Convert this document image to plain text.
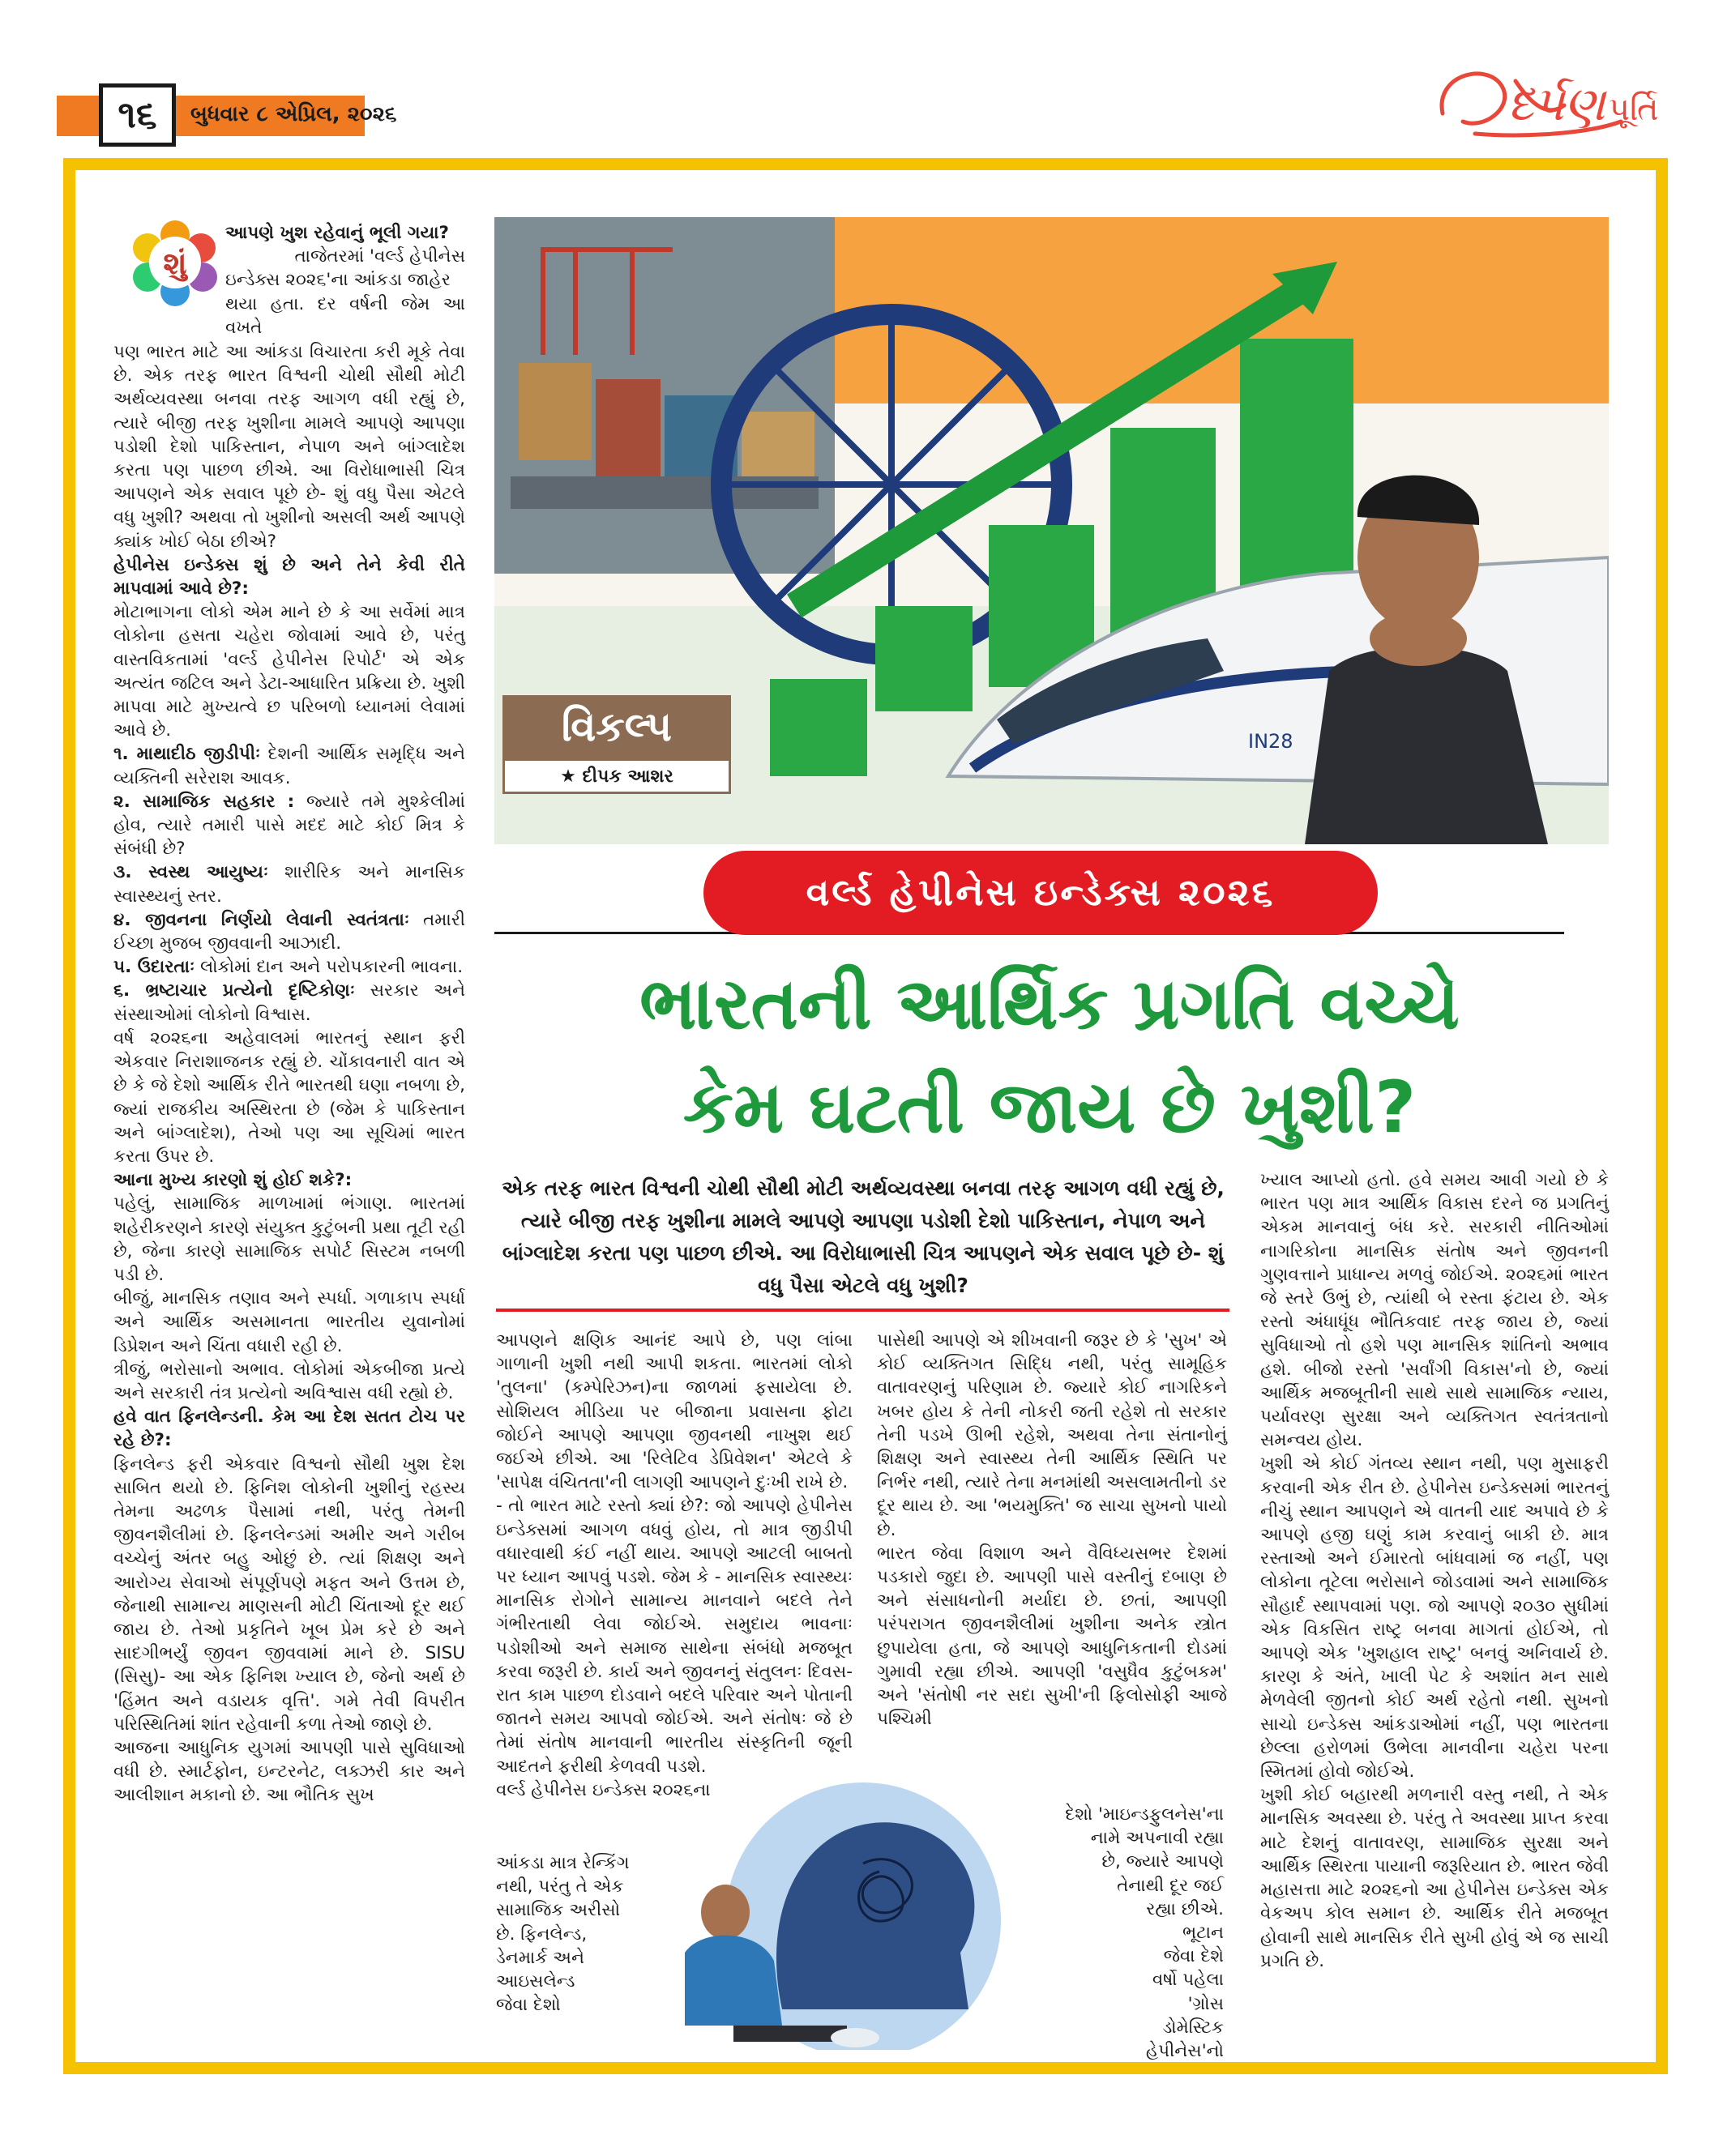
૧૬	બુધવાર ૮ એપ્રિલ, ૨૦૨૬	દર્પણ પૂર્તિ
શું
આપણે ખુશ રહેવાનું ભૂલી ગયા?

તાજેતરમાં 'વર્લ્ડ હેપીનેસ

ઇન્ડેક્સ ૨૦૨૬'ના આંકડા જાહેર

થયા હતા. દર વર્ષની જેમ આ વખતે

પણ ભારત માટે આ આંકડા વિચારતા કરી મૂકે તેવા છે. એક તરફ ભારત વિશ્વની ચોથી સૌથી મોટી અર્થવ્યવસ્થા બનવા તરફ આગળ વધી રહ્યું છે, ત્યારે બીજી તરફ ખુશીના મામલે આપણે આપણા પડોશી દેશો પાકિસ્તાન, નેપાળ અને બાંગ્લાદેશ કરતા પણ પાછળ છીએ. આ વિરોધાભાસી ચિત્ર આપણને એક સવાલ પૂછે છે- શું વધુ પૈસા એટલે વધુ ખુશી? અથવા તો ખુશીનો અસલી અર્થ આપણે ક્યાંક ખોઈ બેઠા છીએ?

હેપીનેસ ઇન્ડેક્સ શું છે અને તેને કેવી રીતે માપવામાં આવે છે?:

મોટાભાગના લોકો એમ માને છે કે આ સર્વેમાં માત્ર લોકોના હસતા ચહેરા જોવામાં આવે છે, પરંતુ વાસ્તવિકતામાં 'વર્લ્ડ હેપીનેસ રિપોર્ટ' એ એક અત્યંત જટિલ અને ડેટા-આધારિત પ્રક્રિયા છે. ખુશી માપવા માટે મુખ્યત્વે છ પરિબળો ધ્યાનમાં લેવામાં આવે છે.

૧. માથાદીઠ જીડીપીઃ દેશની આર્થિક સમૃદ્ધિ અને વ્યક્તિની સરેરાશ આવક.

૨. સામાજિક સહકાર : જ્યારે તમે મુશ્કેલીમાં હોવ, ત્યારે તમારી પાસે મદદ માટે કોઈ મિત્ર કે સંબંધી છે?

૩. સ્વસ્થ આયુષ્યઃ શારીરિક અને માનસિક સ્વાસ્થ્યનું સ્તર.

૪. જીવનના નિર્ણયો લેવાની સ્વતંત્રતાઃ તમારી ઈચ્છા મુજબ જીવવાની આઝાદી.

૫. ઉદારતાઃ લોકોમાં દાન અને પરોપકારની ભાવના.

૬. ભ્રષ્ટાચાર પ્રત્યેનો દૃષ્ટિકોણઃ સરકાર અને સંસ્થાઓમાં લોકોનો વિશ્વાસ.

વર્ષ ૨૦૨૬ના અહેવાલમાં ભારતનું સ્થાન ફરી એકવાર નિરાશાજનક રહ્યું છે. ચોંકાવનારી વાત એ છે કે જે દેશો આર્થિક રીતે ભારતથી ઘણા નબળા છે, જ્યાં રાજકીય અસ્થિરતા છે (જેમ કે પાકિસ્તાન અને બાંગ્લાદેશ), તેઓ પણ આ સૂચિમાં ભારત કરતા ઉપર છે.

આના મુખ્ય કારણો શું હોઈ શકે?:

પહેલું, સામાજિક માળખામાં ભંગાણ. ભારતમાં શહેરીકરણને કારણે સંયુક્ત કુટુંબની પ્રથા તૂટી રહી છે, જેના કારણે સામાજિક સપોર્ટ સિસ્ટમ નબળી પડી છે.

બીજું, માનસિક તણાવ અને સ્પર્ધા. ગળાકાપ સ્પર્ધા અને આર્થિક અસમાનતા ભારતીય યુવાનોમાં ડિપ્રેશન અને ચિંતા વધારી રહી છે.

ત્રીજું, ભરોસાનો અભાવ. લોકોમાં એકબીજા પ્રત્યે અને સરકારી તંત્ર પ્રત્યેનો અવિશ્વાસ વધી રહ્યો છે.

હવે વાત ફિનલેન્ડની. કેમ આ દેશ સતત ટોચ પર રહે છે?:

ફિનલેન્ડ ફરી એકવાર વિશ્વનો સૌથી ખુશ દેશ સાબિત થયો છે. ફિનિશ લોકોની ખુશીનું રહસ્ય તેમના અઢળક પૈસામાં નથી, પરંતુ તેમની જીવનશૈલીમાં છે. ફિનલેન્ડમાં અમીર અને ગરીબ વચ્ચેનું અંતર બહુ ઓછું છે. ત્યાં શિક્ષણ અને આરોગ્ય સેવાઓ સંપૂર્ણપણે મફત અને ઉત્તમ છે, જેનાથી સામાન્ય માણસની મોટી ચિંતાઓ દૂર થઈ જાય છે. તેઓ પ્રકૃતિને ખૂબ પ્રેમ કરે છે અને સાદગીભર્યું જીવન જીવવામાં માને છે. SISU (સિસુ)- આ એક ફિનિશ ખ્યાલ છે, જેનો અર્થ છે 'હિંમત અને વડાયક વૃત્તિ'. ગમે તેવી વિપરીત પરિસ્થિતિમાં શાંત રહેવાની કળા તેઓ જાણે છે.

આજના આધુનિક યુગમાં આપણી પાસે સુવિધાઓ વધી છે. સ્માર્ટફોન, ઇન્ટરનેટ, લક્ઝરી કાર અને આલીશાન મકાનો છે. આ ભૌતિક સુખ

IN28
વિકલ્પ
★ દીપક આશર
વર્લ્ડ હેપીનેસ ઇન્ડેક્સ ૨૦૨૬
ભારતની આર્થિક પ્રગતિ વચ્ચે
કેમ ઘટતી જાય છે ખુશી?
એક તરફ ભારત વિશ્વની ચોથી સૌથી મોટી અર્થવ્યવસ્થા બનવા તરફ આગળ વધી રહ્યું છે, ત્યારે બીજી તરફ ખુશીના મામલે આપણે આપણા પડોશી દેશો પાકિસ્તાન, નેપાળ અને બાંગ્લાદેશ કરતા પણ પાછળ છીએ. આ વિરોધાભાસી ચિત્ર આપણને એક સવાલ પૂછે છે- શું વધુ પૈસા એટલે વધુ ખુશી?

આપણને ક્ષણિક આનંદ આપે છે, પણ લાંબા ગાળાની ખુશી નથી આપી શકતા. ભારતમાં લોકો 'તુલના' (કમ્પેરિઝન)ના જાળમાં ફસાયેલા છે. સોશિયલ મીડિયા પર બીજાના પ્રવાસના ફોટા જોઈને આપણે આપણા જીવનથી નાખુશ થઈ જઈએ છીએ. આ 'રિલેટિવ ડેપ્રિવેશન' એટલે કે 'સાપેક્ષ વંચિતતા'ની લાગણી આપણને દુઃખી રાખે છે.

- તો ભારત માટે રસ્તો ક્યાં છે?: જો આપણે હેપીનેસ ઇન્ડેક્સમાં આગળ વધવું હોય, તો માત્ર જીડીપી વધારવાથી કંઈ નહીં થાય. આપણે આટલી બાબતો પર ધ્યાન આપવું પડશે. જેમ કે - માનસિક સ્વાસ્થ્યઃ માનસિક રોગોને સામાન્ય માનવાને બદલે તેને ગંભીરતાથી લેવા જોઈએ. સમુદાય ભાવનાઃ પડોશીઓ અને સમાજ સાથેના સંબંધો મજબૂત કરવા જરૂરી છે. કાર્ય અને જીવનનું સંતુલનઃ દિવસ-રાત કામ પાછળ દોડવાને બદલે પરિવાર અને પોતાની જાતને સમય આપવો જોઈએ. અને સંતોષઃ જે છે તેમાં સંતોષ માનવાની ભારતીય સંસ્કૃતિની જૂની આદતને ફરીથી કેળવવી પડશે.

વર્લ્ડ હેપીનેસ ઇન્ડેક્સ ૨૦૨૬ના

આંકડા માત્ર રેન્કિંગ

નથી, પરંતુ તે એક

સામાજિક અરીસો

છે. ફિનલેન્ડ,

ડેનમાર્ક અને

આઇસલેન્ડ

જેવા દેશો

પાસેથી આપણે એ શીખવાની જરૂર છે કે 'સુખ' એ કોઈ વ્યક્તિગત સિદ્ધિ નથી, પરંતુ સામૂહિક વાતાવરણનું પરિણામ છે. જ્યારે કોઈ નાગરિકને ખબર હોય કે તેની નોકરી જતી રહેશે તો સરકાર તેની પડખે ઊભી રહેશે, અથવા તેના સંતાનોનું શિક્ષણ અને સ્વાસ્થ્ય તેની આર્થિક સ્થિતિ પર નિર્ભર નથી, ત્યારે તેના મનમાંથી અસલામતીનો ડર દૂર થાય છે. આ 'ભયમુક્તિ' જ સાચા સુખનો પાયો છે.

ભારત જેવા વિશાળ અને વૈવિધ્યસભર દેશમાં પડકારો જુદા છે. આપણી પાસે વસ્તીનું દબાણ છે અને સંસાધનોની મર્યાદા છે. છતાં, આપણી પરંપરાગત જીવનશૈલીમાં ખુશીના અનેક સ્ત્રોત છુપાયેલા હતા, જે આપણે આધુનિકતાની દોડમાં ગુમાવી રહ્યા છીએ. આપણી 'વસુધૈવ કુટુંબકમ' અને 'સંતોષી નર સદા સુખી'ની ફિલોસોફી આજે પશ્ચિમી

દેશો 'માઇન્ડફુલનેસ'ના

નામે અપનાવી રહ્યા

છે, જ્યારે આપણે

તેનાથી દૂર જઈ

રહ્યા છીએ.

ભૂટાન

જેવા દેશે

વર્ષો પહેલા

'ગ્રોસ

ડોમેસ્ટિક

હેપીનેસ'નો

ખ્યાલ આપ્યો હતો. હવે સમય આવી ગયો છે કે ભારત પણ માત્ર આર્થિક વિકાસ દરને જ પ્રગતિનું એકમ માનવાનું બંધ કરે. સરકારી નીતિઓમાં નાગરિકોના માનસિક સંતોષ અને જીવનની ગુણવત્તાને પ્રાધાન્ય મળવું જોઈએ. ૨૦૨૬માં ભારત જે સ્તરે ઉભું છે, ત્યાંથી બે રસ્તા ફંટાય છે. એક રસ્તો અંધાધૂંધ ભૌતિકવાદ તરફ જાય છે, જ્યાં સુવિધાઓ તો હશે પણ માનસિક શાંતિનો અભાવ હશે. બીજો રસ્તો 'સર્વાંગી વિકાસ'નો છે, જ્યાં આર્થિક મજબૂતીની સાથે સાથે સામાજિક ન્યાય, પર્યાવરણ સુરક્ષા અને વ્યક્તિગત સ્વતંત્રતાનો સમન્વય હોય.

ખુશી એ કોઈ ગંતવ્ય સ્થાન નથી, પણ મુસાફરી કરવાની એક રીત છે. હેપીનેસ ઇન્ડેક્સમાં ભારતનું નીચું સ્થાન આપણને એ વાતની યાદ અપાવે છે કે આપણે હજી ઘણું કામ કરવાનું બાકી છે. માત્ર રસ્તાઓ અને ઈમારતો બાંધવામાં જ નહીં, પણ લોકોના તૂટેલા ભરોસાને જોડવામાં અને સામાજિક સૌહાર્દ સ્થાપવામાં પણ. જો આપણે ૨૦૩૦ સુધીમાં એક વિકસિત રાષ્ટ્ર બનવા માગતાં હોઈએ, તો આપણે એક 'ખુશહાલ રાષ્ટ્ર' બનવું અનિવાર્ય છે. કારણ કે અંતે, ખાલી પેટ કે અશાંત મન સાથે મેળવેલી જીતનો કોઈ અર્થ રહેતો નથી. સુખનો સાચો ઇન્ડેક્સ આંકડાઓમાં નહીં, પણ ભારતના છેલ્લા હરોળમાં ઉભેલા માનવીના ચહેરા પરના સ્મિતમાં હોવો જોઈએ.

ખુશી કોઈ બહારથી મળનારી વસ્તુ નથી, તે એક માનસિક અવસ્થા છે. પરંતુ તે અવસ્થા પ્રાપ્ત કરવા માટે દેશનું વાતાવરણ, સામાજિક સુરક્ષા અને આર્થિક સ્થિરતા પાયાની જરૂરિયાત છે. ભારત જેવી મહાસત્તા માટે ૨૦૨૬નો આ હેપીનેસ ઇન્ડેક્સ એક વેકઅપ કોલ સમાન છે. આર્થિક રીતે મજબૂત હોવાની સાથે માનસિક રીતે સુખી હોવું એ જ સાચી પ્રગતિ છે.
